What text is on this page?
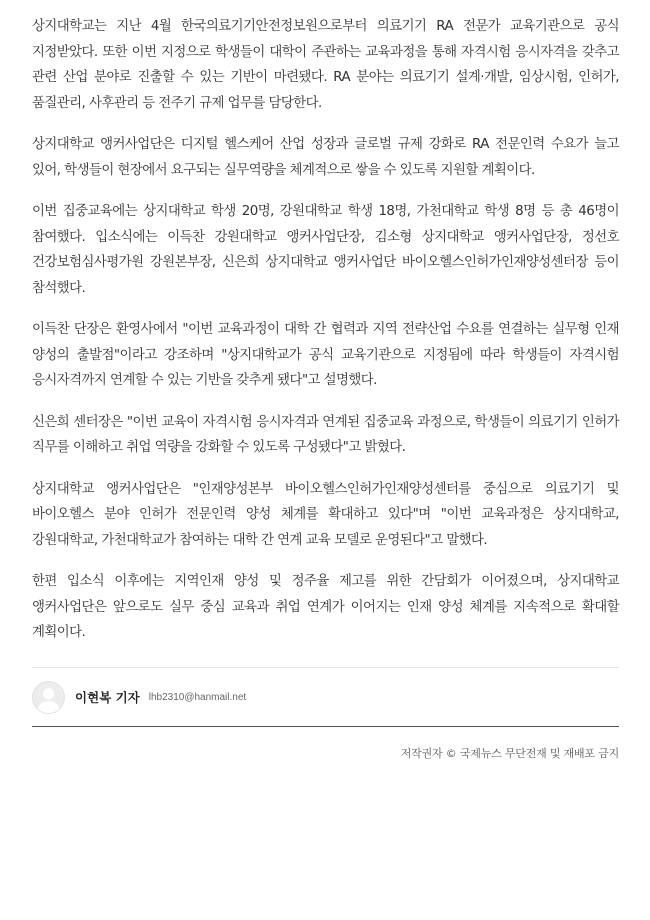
상지대학교는 지난 4월 한국의료기기안전정보원으로부터 의료기기 RA 전문가 교육기관으로 공식 지정받았다. 또한 이번 지정으로 학생들이 대학이 주관하는 교육과정을 통해 자격시험 응시자격을 갖추고 관련 산업 분야로 진출할 수 있는 기반이 마련됐다. RA 분야는 의료기기 설계·개발, 임상시험, 인허가, 품질관리, 사후관리 등 전주기 규제 업무를 담당한다.

상지대학교 앵커사업단은 디지털 헬스케어 산업 성장과 글로벌 규제 강화로 RA 전문인력 수요가 늘고 있어, 학생들이 현장에서 요구되는 실무역량을 체계적으로 쌓을 수 있도록 지원할 계획이다.

이번 집중교육에는 상지대학교 학생 20명, 강원대학교 학생 18명, 가천대학교 학생 8명 등 총 46명이 참여했다. 입소식에는 이득찬 강원대학교 앵커사업단장, 김소형 상지대학교 앵커사업단장, 정선호 건강보험심사평가원 강원본부장, 신은희 상지대학교 앵커사업단 바이오헬스인허가인재양성센터장 등이 참석했다.

이득찬 단장은 환영사에서 "이번 교육과정이 대학 간 협력과 지역 전략산업 수요를 연결하는 실무형 인재 양성의 출발점"이라고 강조하며 "상지대학교가 공식 교육기관으로 지정됨에 따라 학생들이 자격시험 응시자격까지 연계할 수 있는 기반을 갖추게 됐다"고 설명했다.

신은희 센터장은 "이번 교육이 자격시험 응시자격과 연계된 집중교육 과정으로, 학생들이 의료기기 인허가 직무를 이해하고 취업 역량을 강화할 수 있도록 구성됐다"고 밝혔다.

상지대학교 앵커사업단은 "인재양성본부 바이오헬스인허가인재양성센터를 중심으로 의료기기 및 바이오헬스 분야 인허가 전문인력 양성 체계를 확대하고 있다"며 "이번 교육과정은 상지대학교, 강원대학교, 가천대학교가 참여하는 대학 간 연계 교육 모델로 운영된다"고 말했다.

한편 입소식 이후에는 지역인재 양성 및 정주율 제고를 위한 간담회가 이어졌으며, 상지대학교 앵커사업단은 앞으로도 실무 중심 교육과 취업 연계가 이어지는 인재 양성 체계를 지속적으로 확대할 계획이다.

이현복 기자 lhb2310@hanmail.net
저작권자 © 국제뉴스 무단전재 및 재배포 금지
